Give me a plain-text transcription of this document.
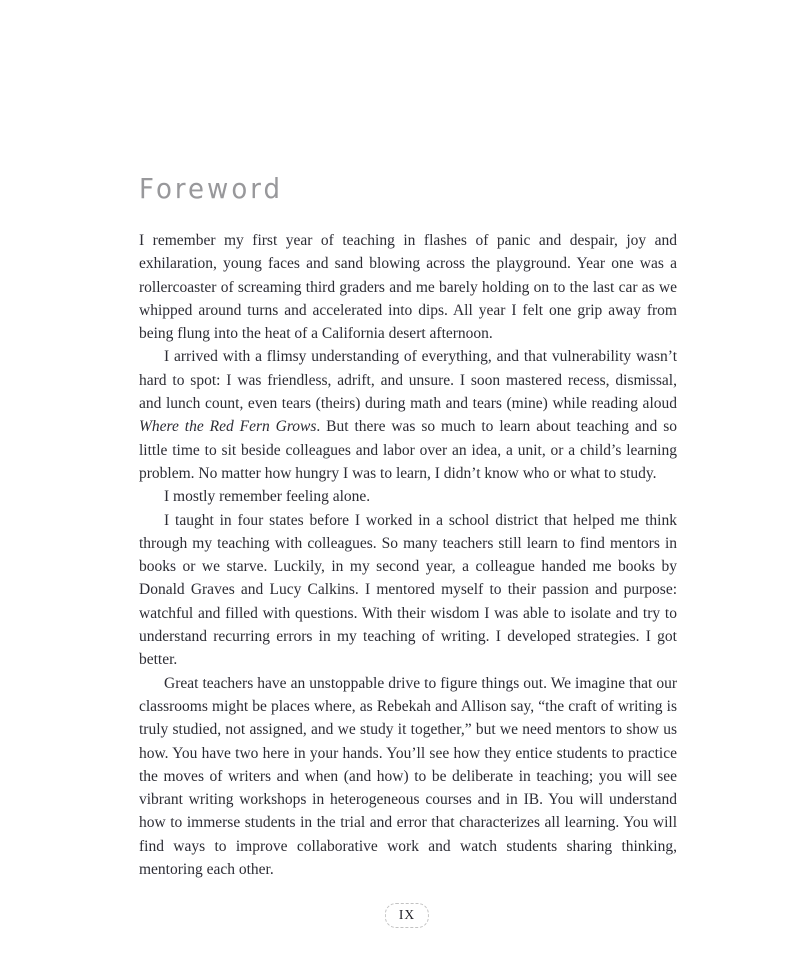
Foreword

I remember my first year of teaching in flashes of panic and despair, joy and exhilaration, young faces and sand blowing across the playground. Year one was a rollercoaster of screaming third graders and me barely holding on to the last car as we whipped around turns and accelerated into dips. All year I felt one grip away from being flung into the heat of a California desert afternoon.

I arrived with a flimsy understanding of everything, and that vulnerability wasn’t hard to spot: I was friendless, adrift, and unsure. I soon mastered recess, dismissal, and lunch count, even tears (theirs) during math and tears (mine) while reading aloud Where the Red Fern Grows. But there was so much to learn about teaching and so little time to sit beside colleagues and labor over an idea, a unit, or a child’s learning problem. No matter how hungry I was to learn, I didn’t know who or what to study.

I mostly remember feeling alone.

I taught in four states before I worked in a school district that helped me think through my teaching with colleagues. So many teachers still learn to find mentors in books or we starve. Luckily, in my second year, a colleague handed me books by Donald Graves and Lucy Calkins. I mentored myself to their passion and purpose: watchful and filled with questions. With their wisdom I was able to isolate and try to understand recurring errors in my teaching of writing. I developed strategies. I got better.

Great teachers have an unstoppable drive to figure things out. We imagine that our classrooms might be places where, as Rebekah and Allison say, “the craft of writing is truly studied, not assigned, and we study it together,” but we need mentors to show us how. You have two here in your hands. You’ll see how they entice students to practice the moves of writers and when (and how) to be deliberate in teaching; you will see vibrant writing workshops in heterogeneous courses and in IB. You will understand how to immerse students in the trial and error that characterizes all learning. You will find ways to improve collaborative work and watch students sharing thinking, mentoring each other.

IX
